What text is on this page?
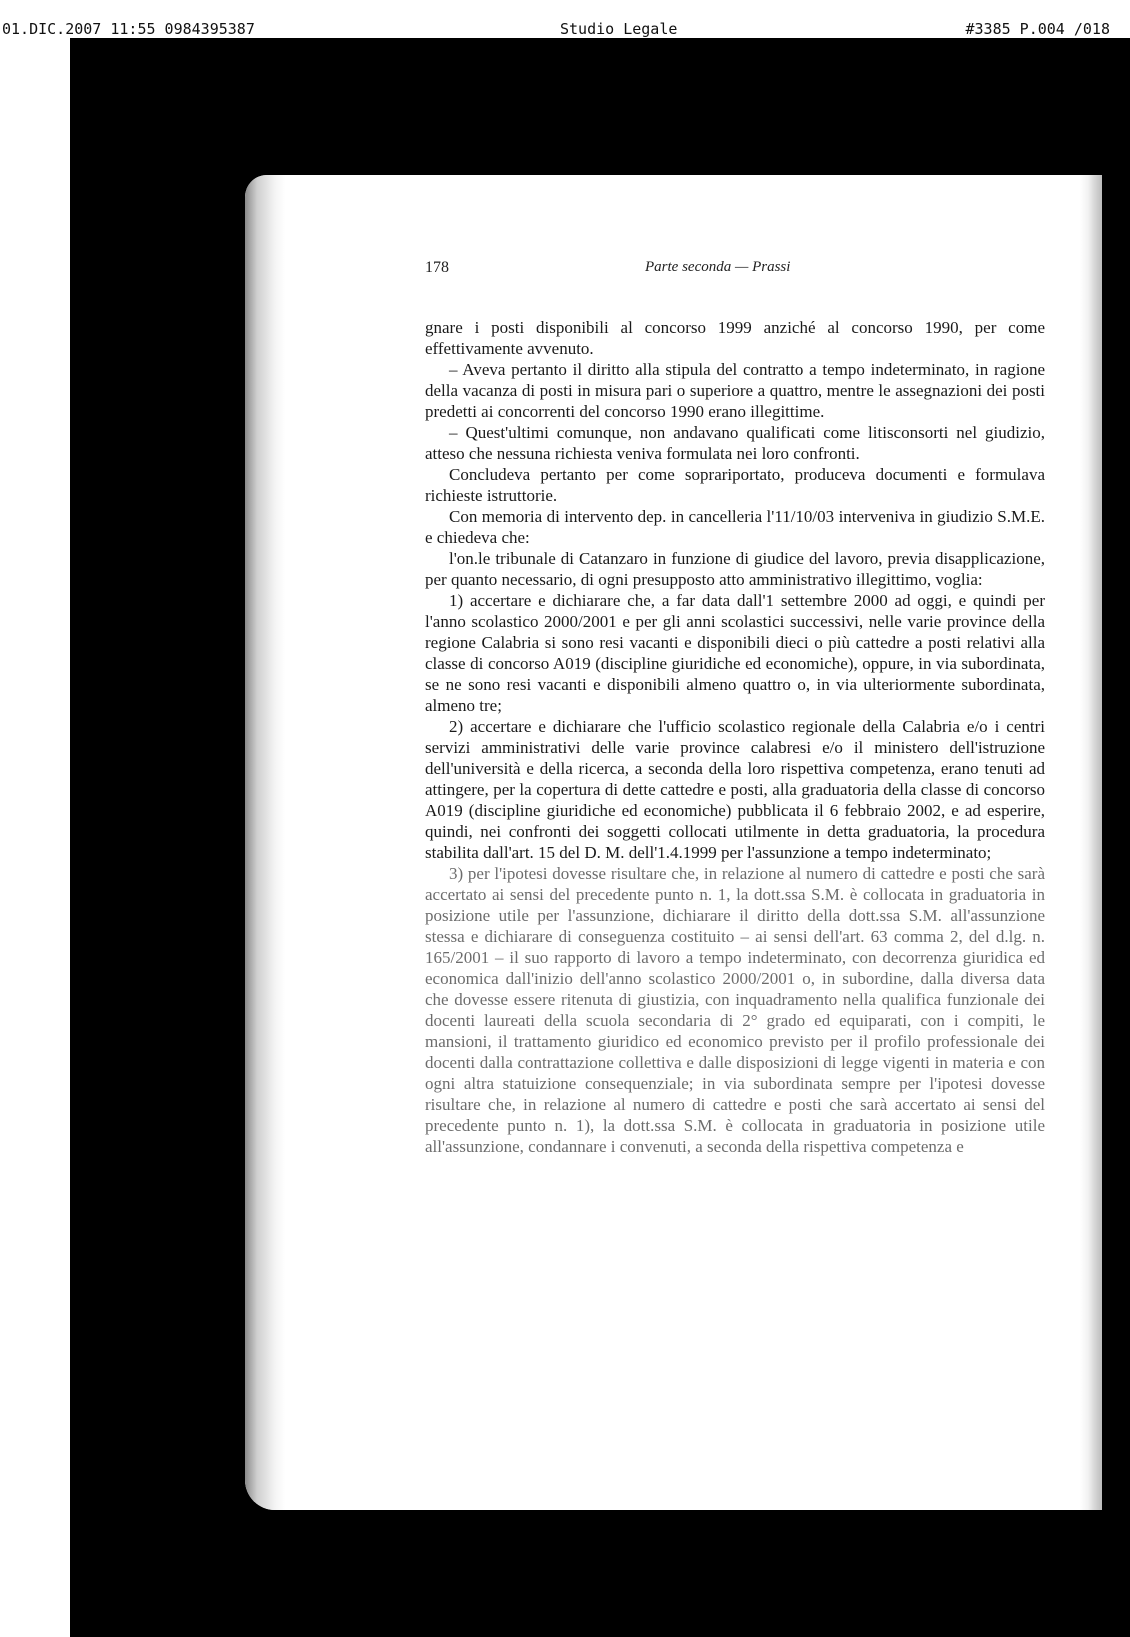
01.DIC.2007 11:55 0984395387	Studio Legale	#3385 P.004 /018
178	Parte seconda — Prassi

gnare i posti disponibili al concorso 1999 anziché al concorso 1990, per come effettivamente avvenuto.

– Aveva pertanto il diritto alla stipula del contratto a tempo indeterminato, in ragione della vacanza di posti in misura pari o superiore a quattro, mentre le assegnazioni dei posti predetti ai concorrenti del concorso 1990 erano illegittime.

– Quest'ultimi comunque, non andavano qualificati come litisconsorti nel giudizio, atteso che nessuna richiesta veniva formulata nei loro confronti.

Concludeva pertanto per come soprariportato, produceva documenti e formulava richieste istruttorie.

Con memoria di intervento dep. in cancelleria l'11/10/03 interveniva in giudizio S.M.E. e chiedeva che:

l'on.le tribunale di Catanzaro in funzione di giudice del lavoro, previa disapplicazione, per quanto necessario, di ogni presupposto atto amministrativo illegittimo, voglia:

1) accertare e dichiarare che, a far data dall'1 settembre 2000 ad oggi, e quindi per l'anno scolastico 2000/2001 e per gli anni scolastici successivi, nelle varie province della regione Calabria si sono resi vacanti e disponibili dieci o più cattedre a posti relativi alla classe di concorso A019 (discipline giuridiche ed economiche), oppure, in via subordinata, se ne sono resi vacanti e disponibili almeno quattro o, in via ulteriormente subordinata, almeno tre;

2) accertare e dichiarare che l'ufficio scolastico regionale della Calabria e/o i centri servizi amministrativi delle varie province calabresi e/o il ministero dell'istruzione dell'università e della ricerca, a seconda della loro rispettiva competenza, erano tenuti ad attingere, per la copertura di dette cattedre e posti, alla graduatoria della classe di concorso A019 (discipline giuridiche ed economiche) pubblicata il 6 febbraio 2002, e ad esperire, quindi, nei confronti dei soggetti collocati utilmente in detta graduatoria, la procedura stabilita dall'art. 15 del D. M. dell'1.4.1999 per l'assunzione a tempo indeterminato;

3) per l'ipotesi dovesse risultare che, in relazione al numero di cattedre e posti che sarà accertato ai sensi del precedente punto n. 1, la dott.ssa S.M. è collocata in graduatoria in posizione utile per l'assunzione, dichiarare il diritto della dott.ssa S.M. all'assunzione stessa e dichiarare di conseguenza costituito – ai sensi dell'art. 63 comma 2, del d.lg. n. 165/2001 – il suo rapporto di lavoro a tempo indeterminato, con decorrenza giuridica ed economica dall'inizio dell'anno scolastico 2000/2001 o, in subordine, dalla diversa data che dovesse essere ritenuta di giustizia, con inquadramento nella qualifica funzionale dei docenti laureati della scuola secondaria di 2° grado ed equiparati, con i compiti, le mansioni, il trattamento giuridico ed economico previsto per il profilo professionale dei docenti dalla contrattazione collettiva e dalle disposizioni di legge vigenti in materia e con ogni altra statuizione consequenziale; in via subordinata sempre per l'ipotesi dovesse risultare che, in relazione al numero di cattedre e posti che sarà accertato ai sensi del precedente punto n. 1), la dott.ssa S.M. è collocata in graduatoria in posizione utile all'assunzione, condannare i convenuti, a seconda della rispettiva competenza e
